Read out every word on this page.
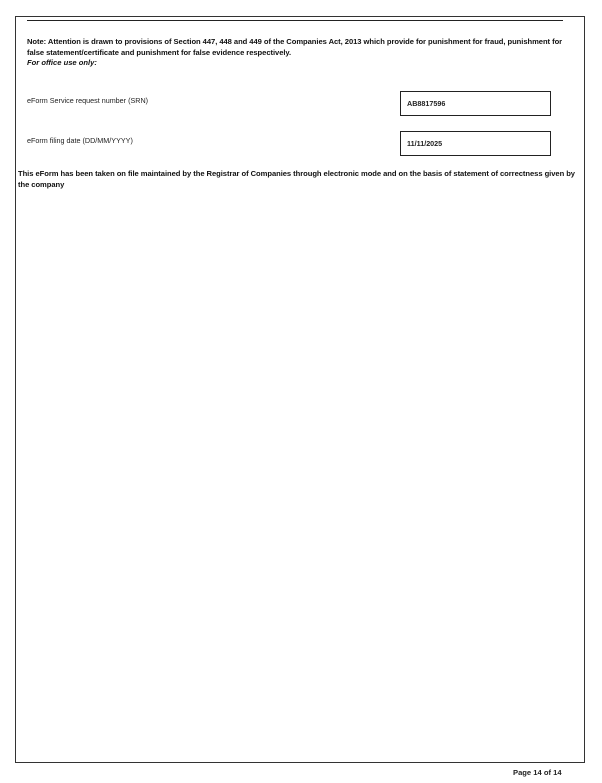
Note: Attention is drawn to provisions of Section 447, 448 and 449 of the Companies Act, 2013 which provide for punishment for fraud, punishment for false statement/certificate and punishment for false evidence respectively.
For office use only:
eForm Service request number (SRN)	AB8817596
eForm filing date (DD/MM/YYYY)	11/11/2025
This eForm has been taken on file maintained by the Registrar of Companies through electronic mode and on the basis of statement of correctness given by the company
Page 14 of 14
